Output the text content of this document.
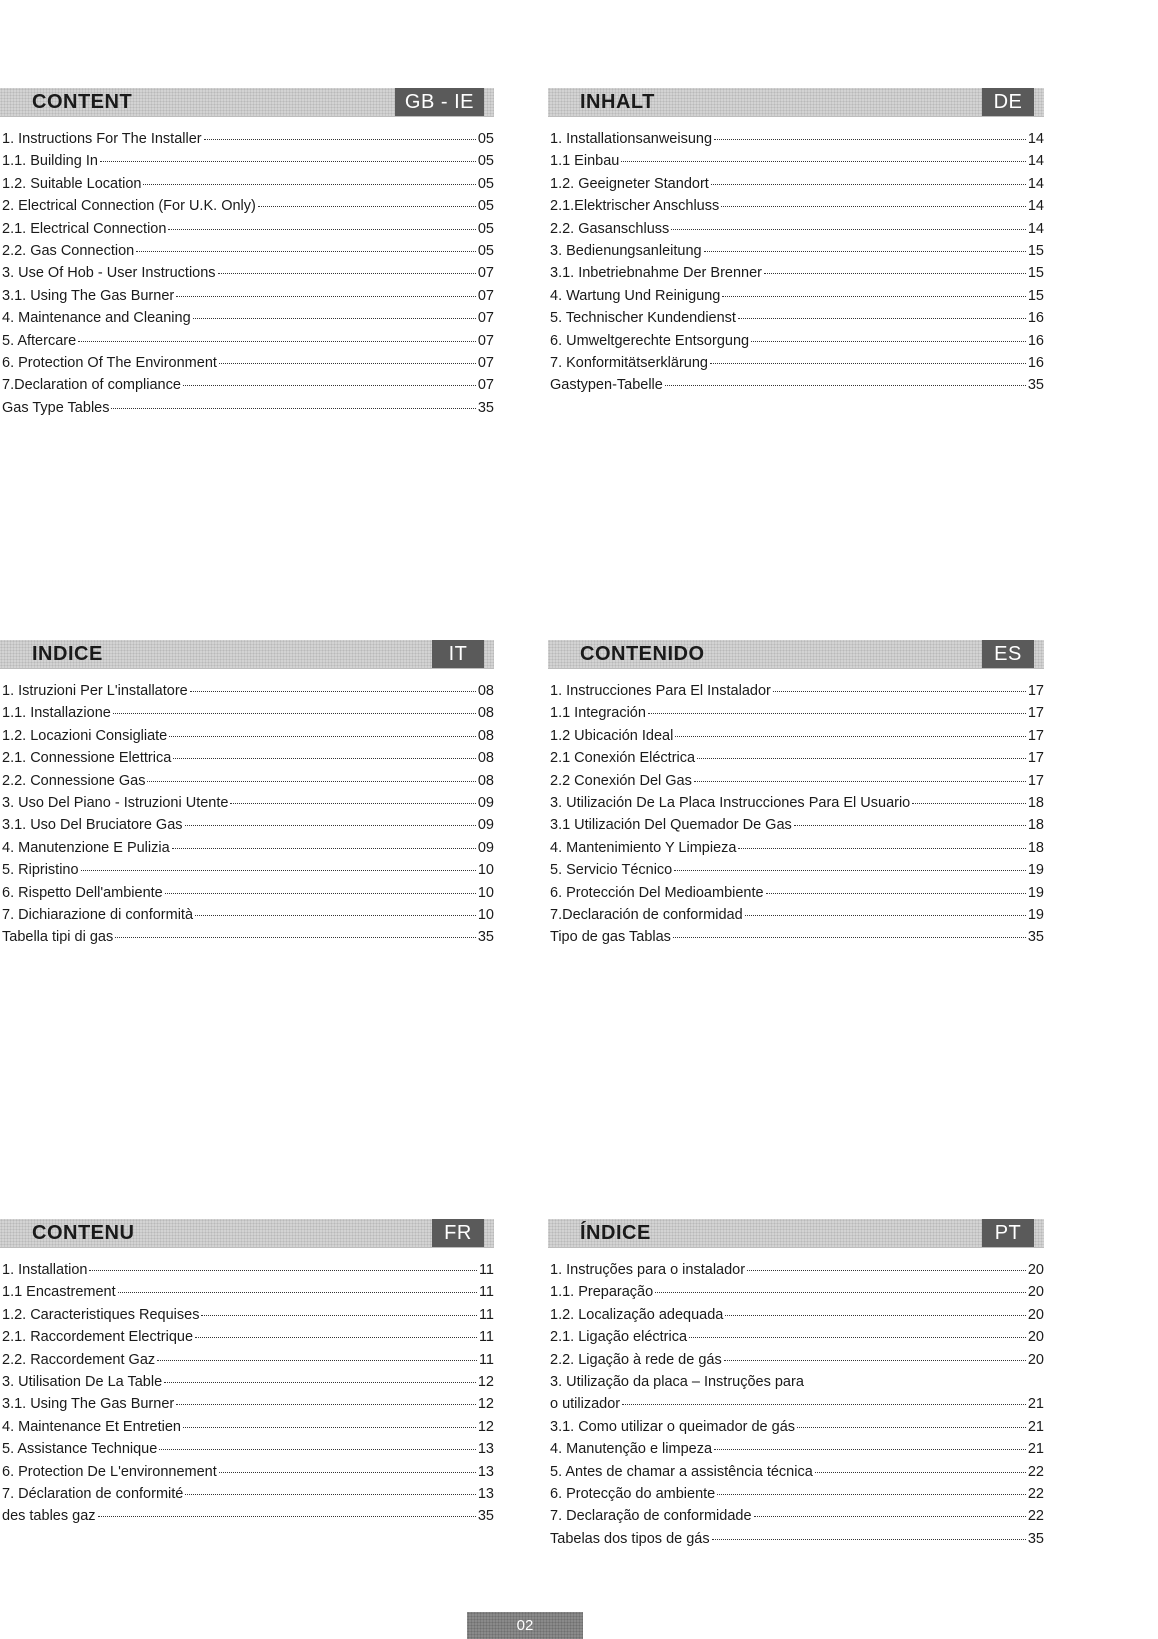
CONTENT	GB - IE
1. Instructions For The Installer	05
1.1. Building In	05
1.2. Suitable Location	05
2. Electrical Connection (For U.K. Only)	05
2.1. Electrical Connection	05
2.2. Gas Connection	05
3. Use Of Hob - User Instructions	07
3.1. Using The Gas Burner	07
4. Maintenance and Cleaning	07
5. Aftercare	07
6. Protection Of The Environment	07
7.Declaration of compliance	07
Gas Type Tables	35
INHALT	DE
1. Installationsanweisung	14
1.1 Einbau	14
1.2. Geeigneter Standort	14
2.1.Elektrischer Anschluss	14
2.2. Gasanschluss	14
3. Bedienungsanleitung	15
3.1. Inbetriebnahme Der Brenner	15
4. Wartung Und Reinigung	15
5. Technischer Kundendienst	16
6. Umweltgerechte Entsorgung	16
7. Konformitätserklärung	16
Gastypen-Tabelle	35
INDICE	IT
1. Istruzioni Per L'installatore	08
1.1. Installazione	08
1.2. Locazioni Consigliate	08
2.1. Connessione Elettrica	08
2.2. Connessione Gas	08
3. Uso Del Piano - Istruzioni Utente	09
3.1. Uso Del Bruciatore Gas	09
4. Manutenzione E Pulizia	09
5. Ripristino	10
6. Rispetto Dell'ambiente	10
7. Dichiarazione di conformità	10
Tabella tipi di gas	35
CONTENIDO	ES
1. Instrucciones Para El Instalador	17
1.1 Integración	17
1.2 Ubicación Ideal	17
2.1 Conexión Eléctrica	17
2.2 Conexión Del Gas	17
3. Utilización De La Placa Instrucciones Para El Usuario	18
3.1 Utilización Del Quemador De Gas	18
4. Mantenimiento Y Limpieza	18
5. Servicio Técnico	19
6. Protección Del Medioambiente	19
7.Declaración de conformidad	19
Tipo de gas Tablas	35
CONTENU	FR
1. Installation	11
1.1 Encastrement	11
1.2. Caracteristiques Requises	11
2.1. Raccordement Electrique	11
2.2. Raccordement Gaz	11
3. Utilisation De La Table	12
3.1. Using The Gas Burner	12
4. Maintenance Et Entretien	12
5. Assistance Technique	13
6. Protection De L'environnement	13
7. Déclaration de conformité	13
des tables gaz	35
ÍNDICE	PT
1. Instruções para o instalador	20
1.1. Preparação	20
1.2. Localização adequada	20
2.1. Ligação eléctrica	20
2.2. Ligação à rede de gás	20
3. Utilização da placa – Instruções para
o utilizador	21
3.1. Como utilizar o queimador de gás	21
4. Manutenção e limpeza	21
5. Antes de chamar a assistência técnica	22
6. Protecção do ambiente	22
7. Declaração de conformidade	22
Tabelas dos tipos de gás	35
02
